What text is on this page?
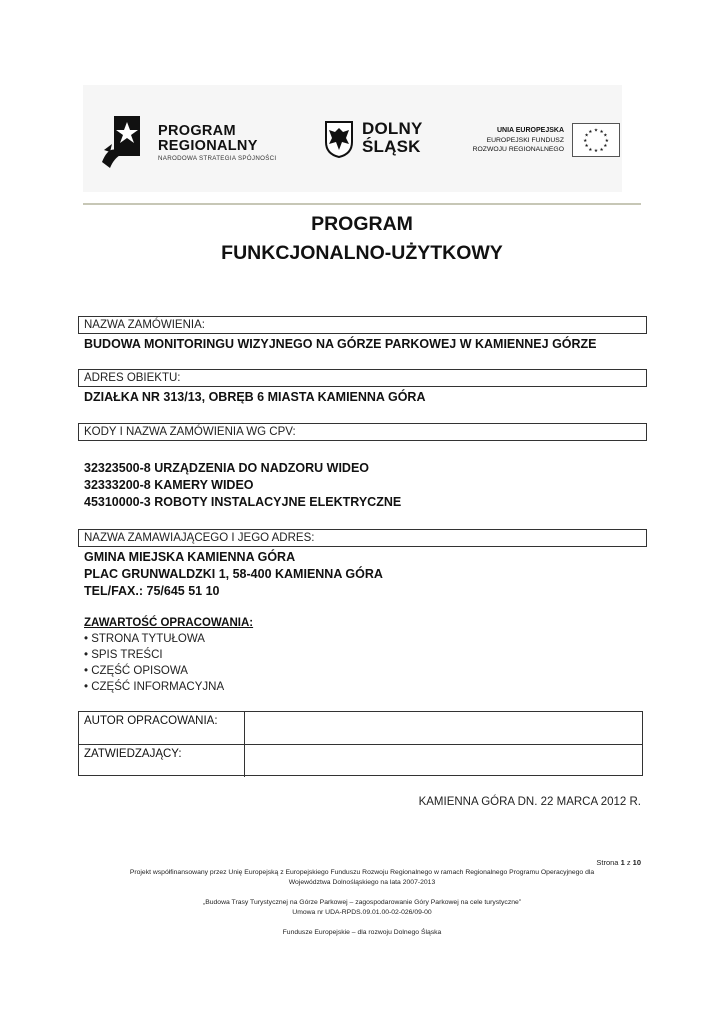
PROGRAM
REGIONALNY
NARODOWA STRATEGIA SPÓJNOŚCI
DOLNY
ŚLĄSK
UNIA EUROPEJSKA
EUROPEJSKI FUNDUSZ
ROZWOJU REGIONALNEGO
★ ★
★
★
★
★
★
★
★
★
★
★
PROGRAM
FUNKCJONALNO-UŻYTKOWY
NAZWA ZAMÓWIENIA:
BUDOWA MONITORINGU WIZYJNEGO NA GÓRZE PARKOWEJ W KAMIENNEJ GÓRZE
ADRES OBIEKTU:
DZIAŁKA NR 313/13, OBRĘB 6 MIASTA KAMIENNA GÓRA
KODY I NAZWA ZAMÓWIENIA WG CPV:
32323500-8 URZĄDZENIA DO NADZORU WIDEO
32333200-8 KAMERY WIDEO
45310000-3 ROBOTY INSTALACYJNE ELEKTRYCZNE
NAZWA ZAMAWIAJĄCEGO I JEGO ADRES:
GMINA MIEJSKA KAMIENNA GÓRA
PLAC GRUNWALDZKI 1, 58-400 KAMIENNA GÓRA
TEL/FAX.: 75/645 51 10
ZAWARTOŚĆ OPRACOWANIA:
• STRONA TYTUŁOWA
• SPIS TREŚCI
• CZĘŚĆ OPISOWA
• CZĘŚĆ INFORMACYJNA
AUTOR OPRACOWANIA:
ZATWIEDZAJĄCY:
KAMIENNA GÓRA DN. 22 MARCA 2012 R.
Strona 1 z 10
Projekt współfinansowany przez Unię Europejską z Europejskiego Funduszu Rozwoju Regionalnego w ramach Regionalnego Programu Operacyjnego dla
Województwa Dolnośląskiego na lata 2007-2013
„Budowa Trasy Turystycznej na Górze Parkowej – zagospodarowanie Góry Parkowej na cele turystyczne”
Umowa nr UDA-RPDS.09.01.00-02-026/09-00
Fundusze Europejskie – dla rozwoju Dolnego Śląska
